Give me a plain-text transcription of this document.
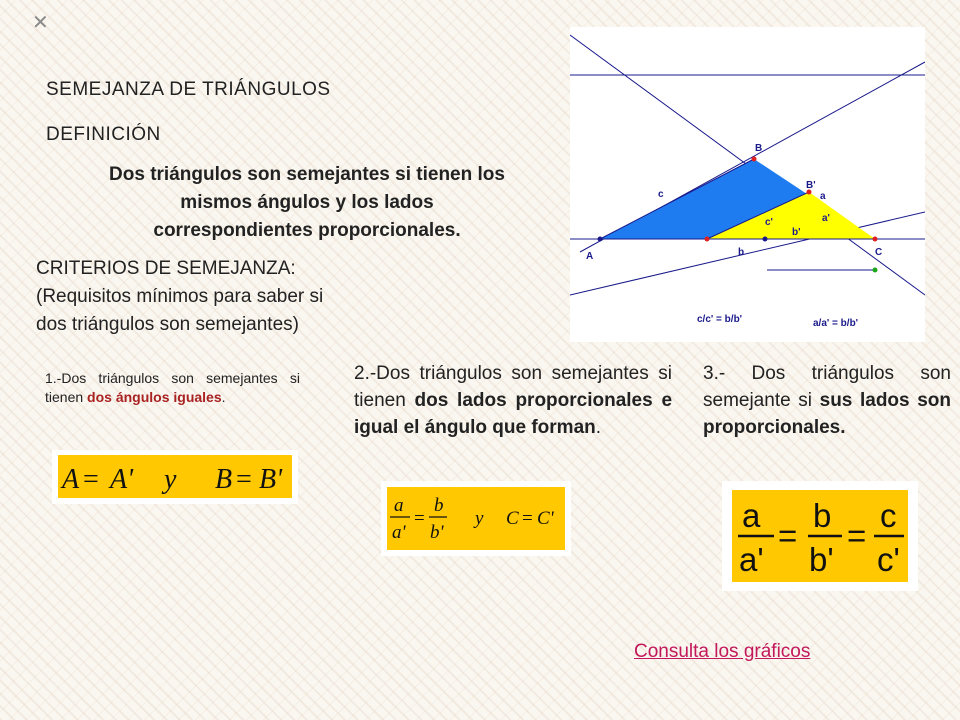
✕
SEMEJANZA DE TRIÁNGULOS
DEFINICIÓN
Dos triángulos son semejantes si tienen los
mismos ángulos y los lados
correspondientes proporcionales.
CRITERIOS DE SEMEJANZA:
(Requisitos mínimos para saber si
dos triángulos son semejantes)
A
B
B'
C
c	a
b
c'	a'
b'
c/c' = b/b'	a/a' = b/b'
1.-Dos triángulos son semejantes si tienen dos ángulos iguales.
2.-Dos triángulos son semejantes si tienen dos lados proporcionales e igual el ángulo que forman.
3.- Dos triángulos son semejante si sus lados son proporcionales.
A = A' y B = B'
a
a'
=
b
b'
y C = C'	a
a'
=
b
b'
=
c
c'
Consulta los gráficos
